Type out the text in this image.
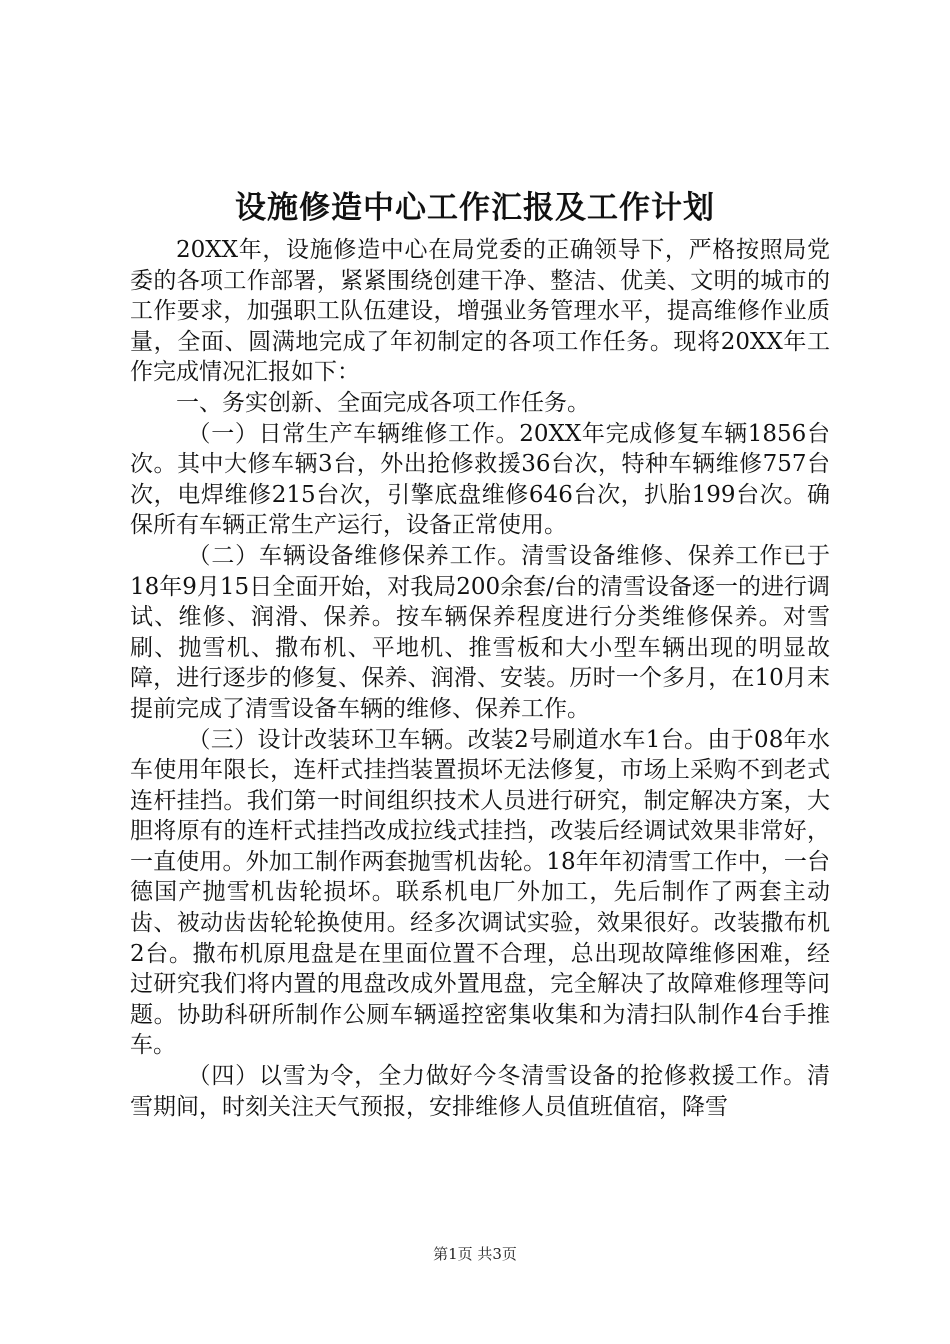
设施修造中心工作汇报及工作计划

20XX年，设施修造中心在局党委的正确领导下，严格按照局党委的各项工作部署，紧紧围绕创建干净、整洁、优美、文明的城市的工作要求，加强职工队伍建设，增强业务管理水平，提高维修作业质量，全面、圆满地完成了年初制定的各项工作任务。现将20XX年工作完成情况汇报如下：

一、务实创新、全面完成各项工作任务。

（一）日常生产车辆维修工作。20XX年完成修复车辆1856台次。其中大修车辆3台，外出抢修救援36台次，特种车辆维修757台次，电焊维修215台次，引擎底盘维修646台次，扒胎199台次。确保所有车辆正常生产运行，设备正常使用。

（二）车辆设备维修保养工作。清雪设备维修、保养工作已于18年9月15日全面开始，对我局200余套/台的清雪设备逐一的进行调试、维修、润滑、保养。按车辆保养程度进行分类维修保养。对雪刷、抛雪机、撒布机、平地机、推雪板和大小型车辆出现的明显故障，进行逐步的修复、保养、润滑、安装。历时一个多月，在10月末提前完成了清雪设备车辆的维修、保养工作。

（三）设计改装环卫车辆。改装2号刷道水车1台。由于08年水车使用年限长，连杆式挂挡装置损坏无法修复，市场上采购不到老式连杆挂挡。我们第一时间组织技术人员进行研究，制定解决方案，大胆将原有的连杆式挂挡改成拉线式挂挡，改装后经调试效果非常好，一直使用。外加工制作两套抛雪机齿轮。18年年初清雪工作中，一台德国产抛雪机齿轮损坏。联系机电厂外加工，先后制作了两套主动齿、被动齿齿轮轮换使用。经多次调试实验，效果很好。改装撒布机2台。撒布机原甩盘是在里面位置不合理，总出现故障维修困难，经过研究我们将内置的甩盘改成外置甩盘，完全解决了故障难修理等问题。协助科研所制作公厕车辆遥控密集收集和为清扫队制作4台手推车。

（四）以雪为令，全力做好今冬清雪设备的抢修救援工作。清雪期间，时刻关注天气预报，安排维修人员值班值宿，降雪

第1页 共3页
